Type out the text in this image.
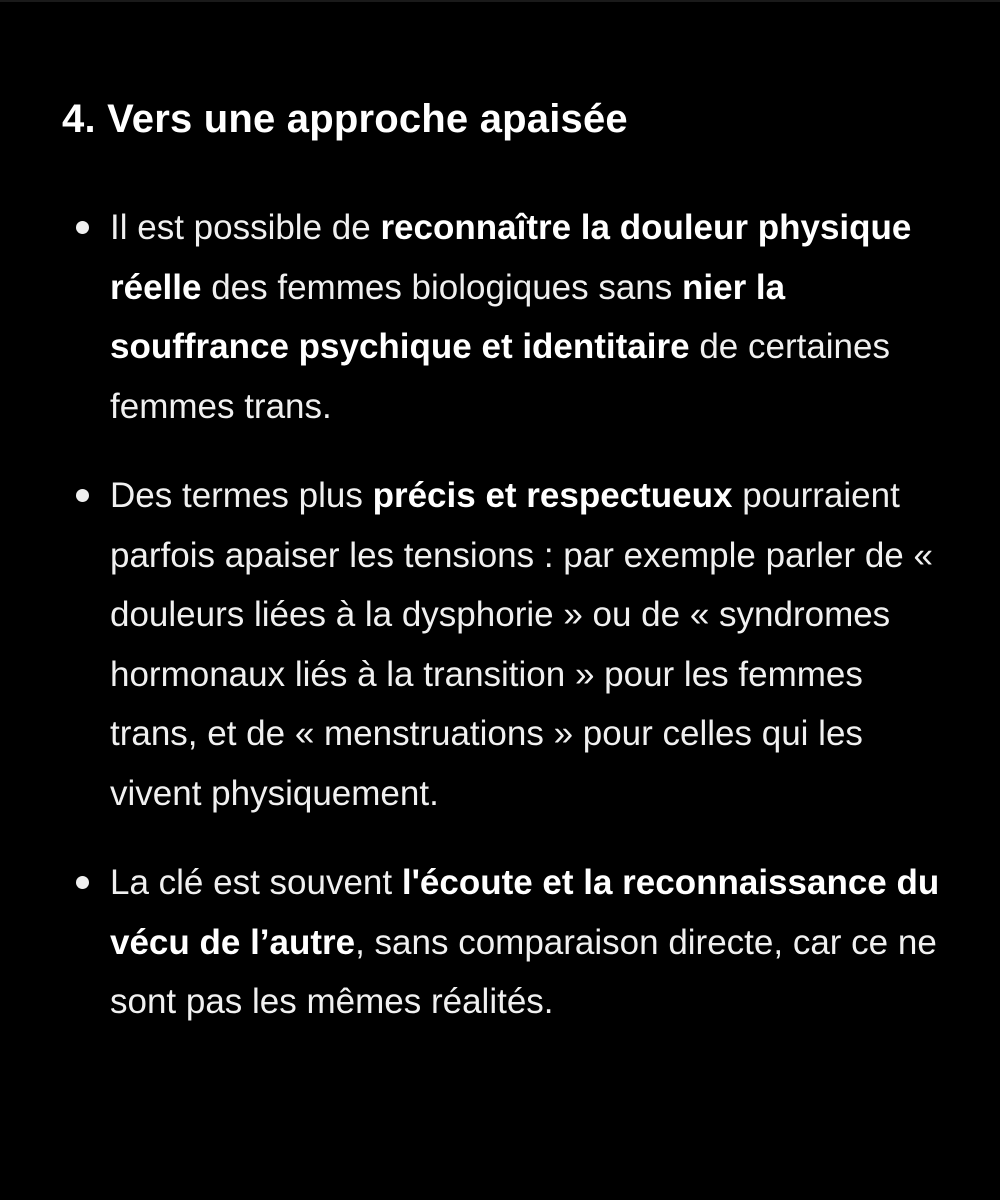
4. Vers une approche apaisée
Il est possible de reconnaître la douleur physique réelle des femmes biologiques sans nier la souffrance psychique et identitaire de certaines femmes trans.
Des termes plus précis et respectueux pourraient parfois apaiser les tensions : par exemple parler de « douleurs liées à la dysphorie » ou de « syndromes hormonaux liés à la transition » pour les femmes trans, et de « menstruations » pour celles qui les vivent physiquement.
La clé est souvent l'écoute et la reconnaissance du vécu de l’autre, sans comparaison directe, car ce ne sont pas les mêmes réalités.
